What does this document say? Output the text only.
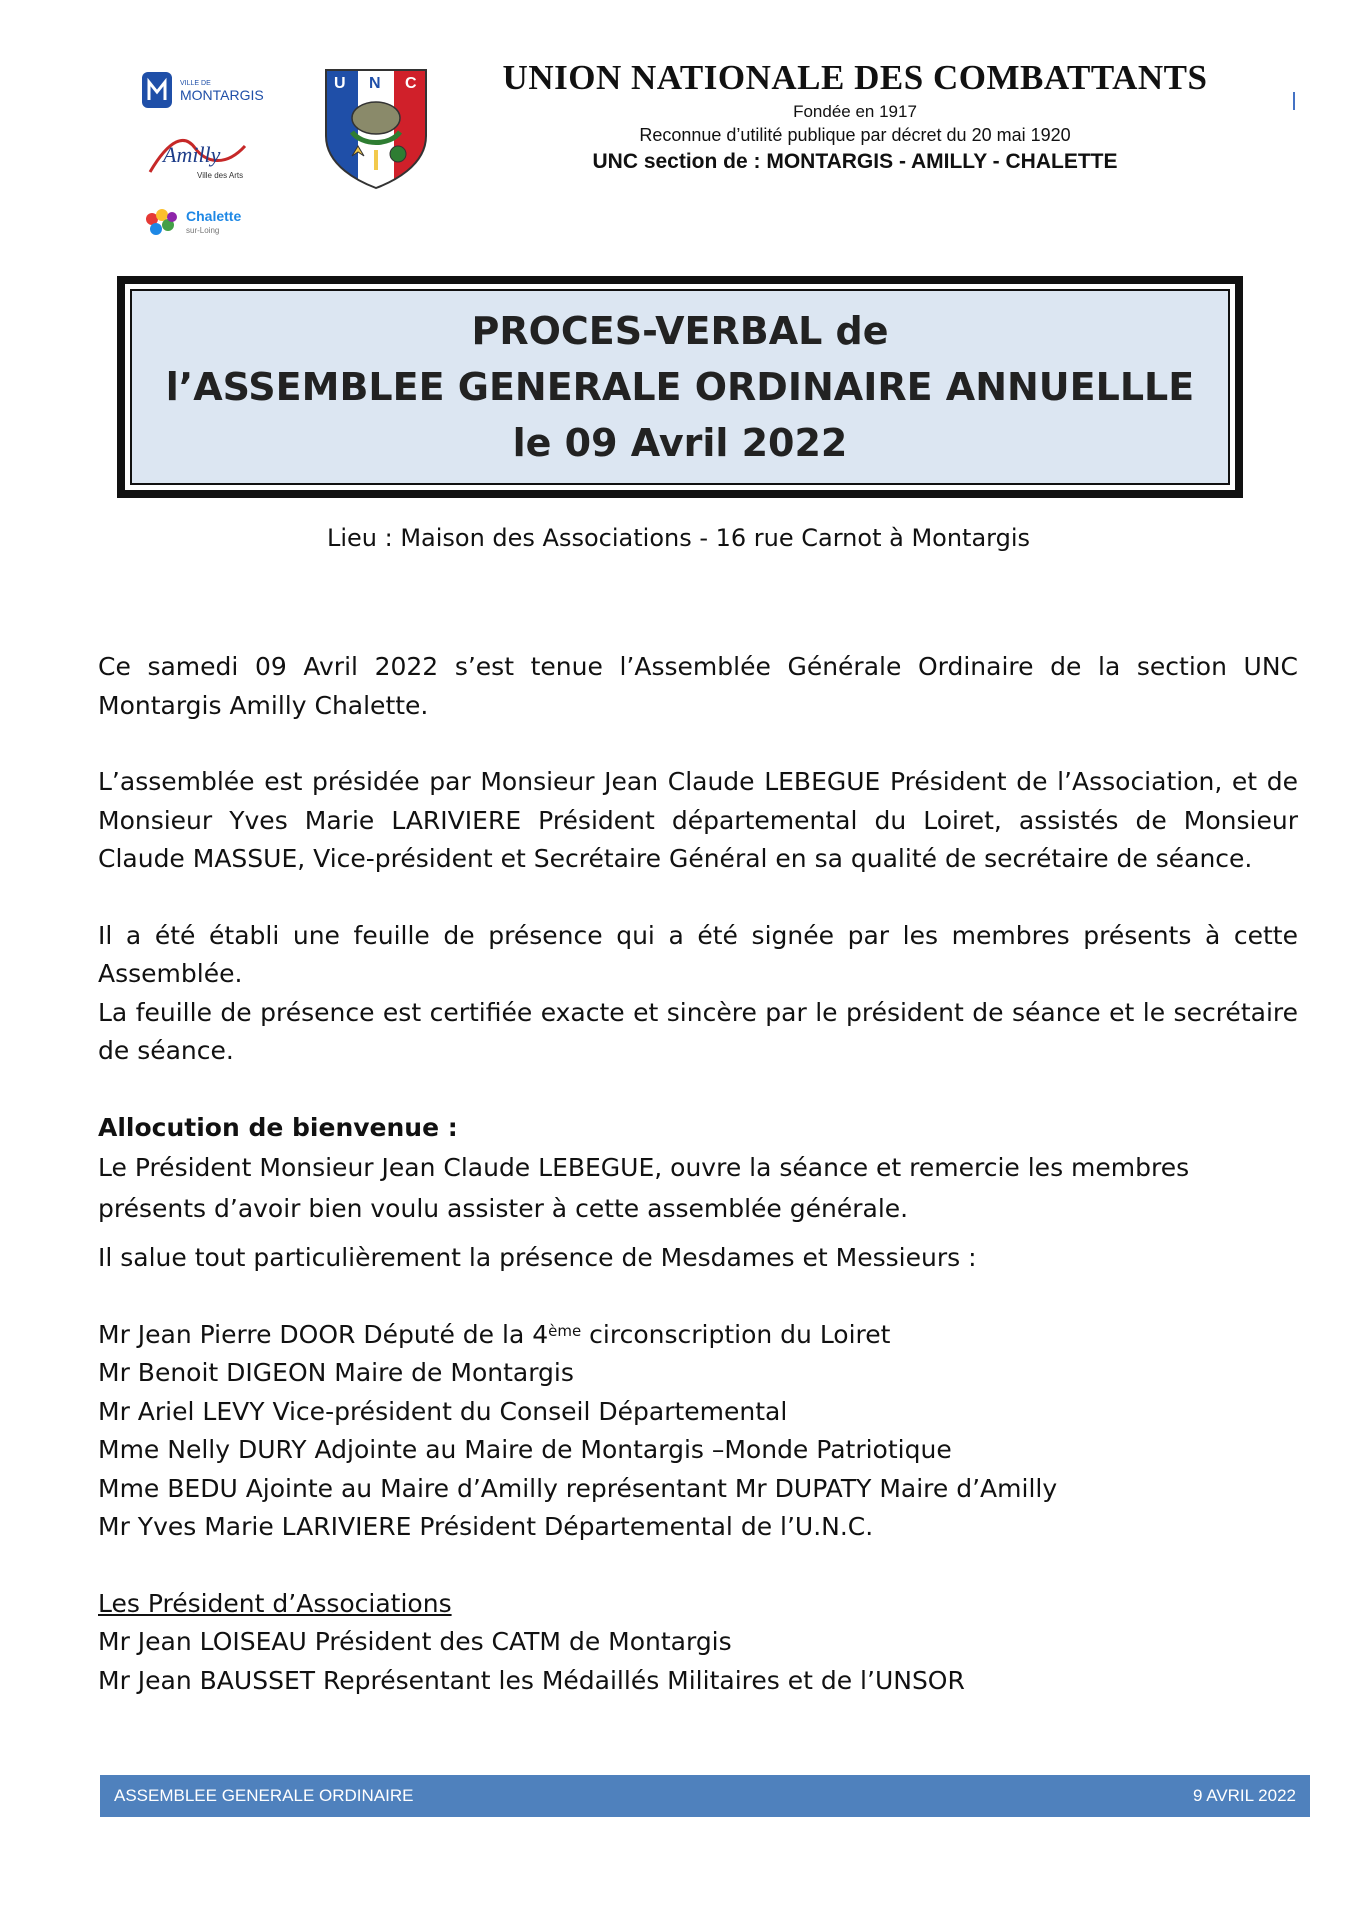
VILLE DE
MONTARGIS
Amilly
Ville des Arts
Chalette
sur-Loing
U N C	UNION NATIONALE DES COMBATTANTS
Fondée en 1917
Reconnue d’utilité publique par décret du 20 mai 1920
UNC section de : MONTARGIS - AMILLY - CHALETTE
PROCES-VERBAL de
l’ASSEMBLEE GENERALE ORDINAIRE ANNUELLLE
le 09 Avril 2022
Lieu : Maison des Associations - 16 rue Carnot à Montargis

Ce samedi 09 Avril 2022 s’est tenue l’Assemblée Générale Ordinaire de la section UNC Montargis Amilly Chalette.

L’assemblée est présidée par Monsieur Jean Claude LEBEGUE Président de l’Association, et de Monsieur Yves Marie LARIVIERE Président départemental du Loiret, assistés de Monsieur Claude MASSUE, Vice-président et Secrétaire Général en sa qualité de secrétaire de séance.

Il a été établi une feuille de présence qui a été signée par les membres présents à cette Assemblée.

La feuille de présence est certifiée exacte et sincère par le président de séance et le secrétaire de séance.

Allocution de bienvenue :

Le Président Monsieur Jean Claude LEBEGUE, ouvre la séance et remercie les membres présents d’avoir bien voulu assister à cette assemblée générale.

Il salue tout particulièrement la présence de Mesdames et Messieurs :

Mr Jean Pierre DOOR Député de la 4ème circonscription du Loiret

Mr Benoit DIGEON Maire de Montargis

Mr Ariel LEVY Vice-président du Conseil Départemental

Mme Nelly DURY Adjointe au Maire de Montargis –Monde Patriotique

Mme BEDU Ajointe au Maire d’Amilly représentant Mr DUPATY Maire d’Amilly

Mr Yves Marie LARIVIERE Président Départemental de l’U.N.C.

Les Président d’Associations

Mr Jean LOISEAU Président des CATM de Montargis

Mr Jean BAUSSET Représentant les Médaillés Militaires et de l’UNSOR

ASSEMBLEE GENERALE ORDINAIRE	9 AVRIL 2022
